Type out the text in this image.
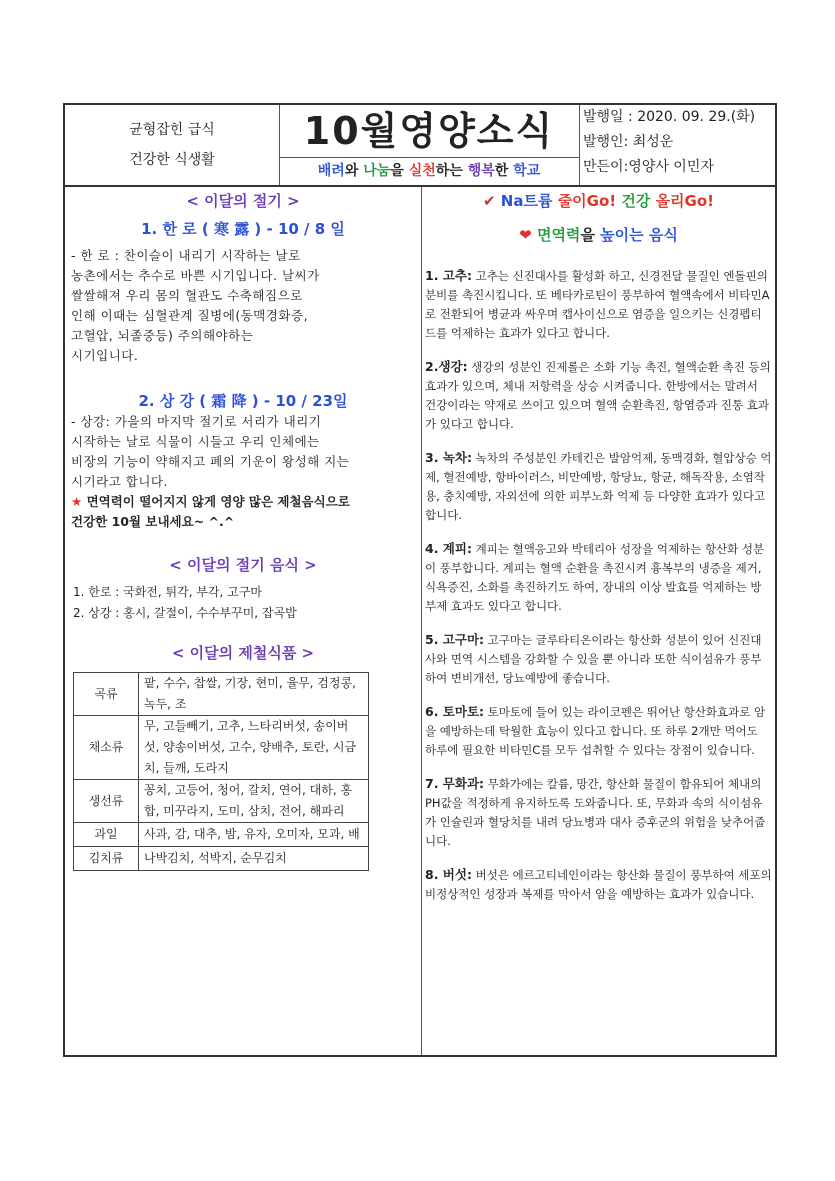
균형잡힌 급식
건강한 식생활
10월영양소식
배려와 나눔을 실천하는 행복한 학교
발행일 : 2020. 09. 29.(화)
발행인: 최성운
만든이:영양사 이민자
< 이달의 절기 >
1. 한 로 ( 寒 露 ) - 10 / 8 일
- 한 로 : 찬이슬이 내리기 시작하는 날로
농촌에서는 추수로 바쁜 시기입니다. 날씨가
쌀쌀해져 우리 몸의 혈관도 수축해짐으로
인해 이때는 심혈관계 질병에(동맥경화증,
고혈압, 뇌졸중등) 주의해야하는
시기입니다.
2. 상 강 ( 霜 降 ) - 10 / 23일
- 상강: 가을의 마지막 절기로 서리가 내리기
시작하는 날로 식물이 시들고 우리 인체에는
비장의 기능이 약해지고 폐의 기운이 왕성해 지는
시기라고 합니다.
★ 면역력이 떨어지지 않게 영양 많은 제철음식으로
건강한 10월 보내세요~ ^.^
< 이달의 절기 음식 >
1. 한로 : 국화전, 튀각, 부각, 고구마
2. 상강 : 홍시, 갈절이, 수수부꾸미, 잡곡밥
< 이달의 제철식품 >
곡류	팥, 수수, 찹쌀, 기장, 현미, 율무, 검정콩, 녹두, 조
채소류	무, 고들빼기, 고추, 느타리버섯, 송이버섯, 양송이버섯, 고수, 양배추, 토란, 시금치, 들깨, 도라지
생선류	꽁치, 고등어, 청어, 갈치, 연어, 대하, 홍합, 미꾸라지, 도미, 삼치, 전어, 해파리
과일	사과, 감, 대추, 밤, 유자, 오미자, 모과, 배
김치류	나박김치, 석박지, 순무김치
✔ Na트륨 줄이Go! 건강 올리Go!
❤ 면역력을 높이는 음식
1. 고추: 고추는 신진대사를 활성화 하고, 신경전달 물질인 엔돌핀의 분비를 촉진시킵니다. 또 베타카로틴이 풍부하여 혈액속에서 비타민A로 전환되어 병균과 싸우며 캡사이신으로 염증을 일으키는 신경펩티드를 억제하는 효과가 있다고 합니다.
2.생강: 생강의 성분인 진제롤은 소화 기능 촉진, 혈액순환 촉진 등의 효과가 있으며, 체내 저항력을 상승 시켜줍니다. 한방에서는 말려서 건강이라는 약재로 쓰이고 있으며 혈액 순환촉진, 항염증과 진통 효과가 있다고 합니다.
3. 녹차: 녹차의 주성분인 카테킨은 발암억제, 동맥경화, 혈압상승 억제, 혈전예방, 항바이러스, 비만예방, 항당뇨, 항균, 해독작용, 소염작용, 충치예방, 자외선에 의한 피부노화 억제 등 다양한 효과가 있다고 합니다.
4. 계피: 계피는 혈액응고와 박테리아 성장을 억제하는 항산화 성분이 풍부합니다. 계피는 혈액 순환을 촉진시켜 흉복부의 냉증을 제거, 식욕증진, 소화를 촉진하기도 하여, 장내의 이상 발효를 억제하는 방부제 효과도 있다고 합니다.
5. 고구마: 고구마는 글루타티온이라는 항산화 성분이 있어 신진대사와 면역 시스템을 강화할 수 있을 뿐 아니라 또한 식이섬유가 풍부하여 변비개선, 당뇨예방에 좋습니다.
6. 토마토: 토마토에 들어 있는 라이코펜은 뛰어난 항산화효과로 암을 예방하는데 탁월한 효능이 있다고 합니다. 또 하루 2개만 먹어도 하루에 필요한 비타민C를 모두 섭취할 수 있다는 장점이 있습니다.
7. 무화과: 무화가에는 칼륨, 망간, 항산화 물질이 함유되어 체내의 PH값을 적정하게 유지하도록 도와줍니다. 또, 무화과 속의 식이섬유가 인슐린과 혈당치를 내려 당뇨병과 대사 증후군의 위험을 낮추어줍니다.
8. 버섯: 버섯은 에르고티네인이라는 항산화 물질이 풍부하여 세포의 비정상적인 성장과 복제를 막아서 암을 예방하는 효과가 있습니다.
